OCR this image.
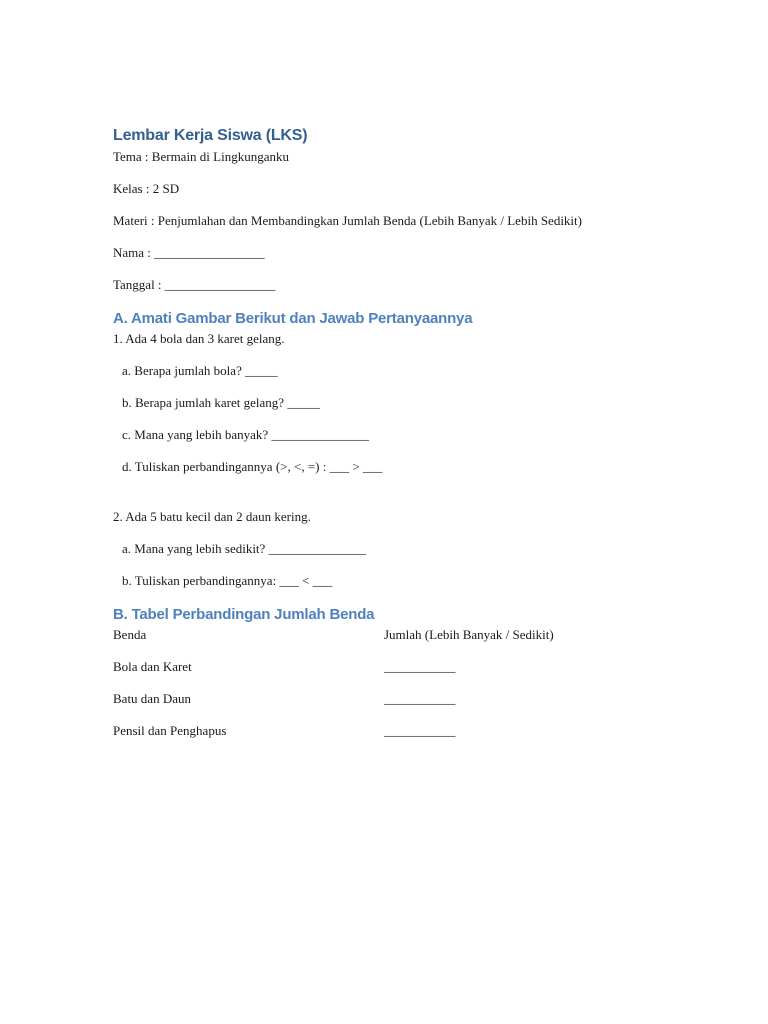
Lembar Kerja Siswa (LKS)
Tema : Bermain di Lingkunganku
Kelas : 2 SD
Materi : Penjumlahan dan Membandingkan Jumlah Benda (Lebih Banyak / Lebih Sedikit)
Nama : _________________
Tanggal : _________________
A. Amati Gambar Berikut dan Jawab Pertanyaannya
1. Ada 4 bola dan 3 karet gelang.
a. Berapa jumlah bola? _____
b. Berapa jumlah karet gelang? _____
c. Mana yang lebih banyak? _______________
d. Tuliskan perbandingannya (>, <, =) : ___ > ___
2. Ada 5 batu kecil dan 2 daun kering.
a. Mana yang lebih sedikit? _______________
b. Tuliskan perbandingannya: ___ < ___
B. Tabel Perbandingan Jumlah Benda
Benda	Jumlah (Lebih Banyak / Sedikit)
Bola dan Karet	___________
Batu dan Daun	___________
Pensil dan Penghapus	___________
